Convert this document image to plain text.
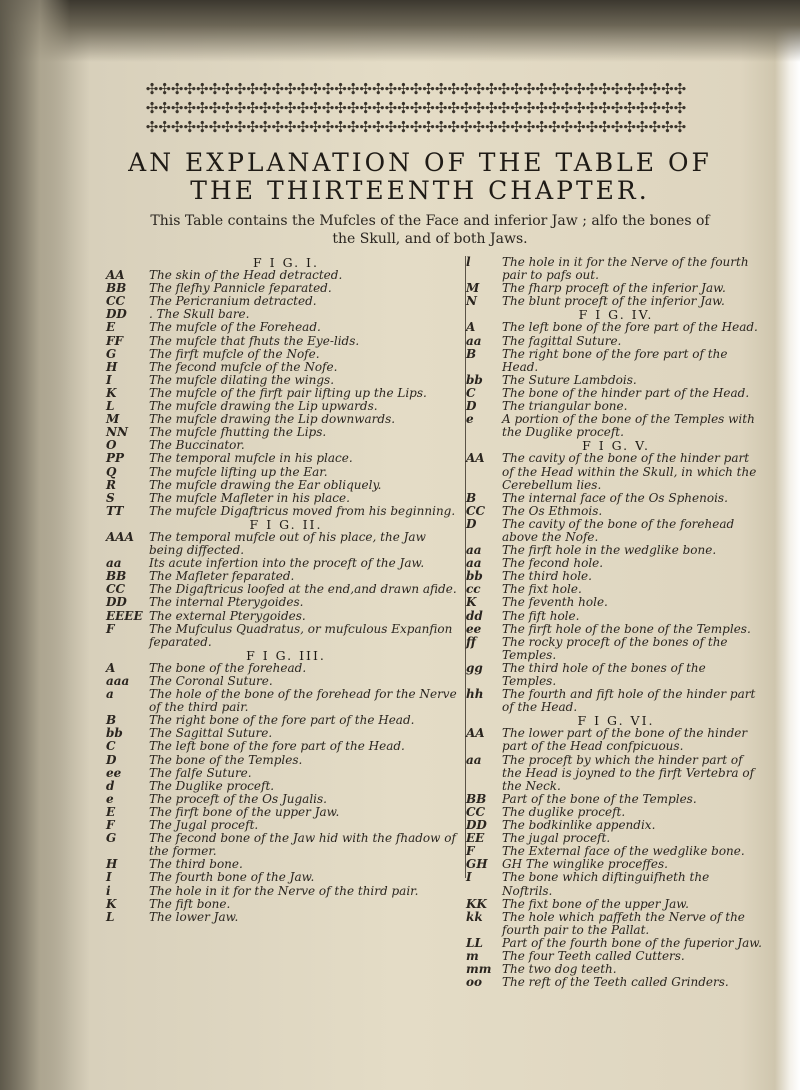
✣✣✣✣✣✣✣✣✣✣✣✣✣✣✣✣✣✣✣✣✣✣✣✣✣✣✣✣✣✣✣✣✣✣✣✣✣✣✣✣✣✣✣
✣✣✣✣✣✣✣✣✣✣✣✣✣✣✣✣✣✣✣✣✣✣✣✣✣✣✣✣✣✣✣✣✣✣✣✣✣✣✣✣✣✣✣
✣✣✣✣✣✣✣✣✣✣✣✣✣✣✣✣✣✣✣✣✣✣✣✣✣✣✣✣✣✣✣✣✣✣✣✣✣✣✣✣✣✣✣
AN EXPLANATION OF THE TABLE OF
THE THIRTEENTH CHAPTER.
This Table contains the Mufcles of the Face and inferior Jaw ; alfo the bones of the Skull, and of both Jaws.
F I G. I.
AA	The skin of the Head detracted.
BB	The flefhy Pannicle feparated.
CC	The Pericranium detracted.
DD	. The Skull bare.
E	The mufcle of the Forehead.
FF	The mufcle that fhuts the Eye-lids.
G	The firft mufcle of the Nofe.
H	The fecond mufcle of the Nofe.
I	The mufcle dilating the wings.
K	The mufcle of the firft pair lifting up the Lips.
L	The mufcle drawing the Lip upwards.
M	The mufcle drawing the Lip downwards.
NN	The mufcle fhutting the Lips.
O	The Buccinator.
PP	The temporal mufcle in his place.
Q	The mufcle lifting up the Ear.
R	The mufcle drawing the Ear obliquely.
S	The mufcle Mafleter in his place.
TT	The mufcle Digaftricus moved from his beginning.
F I G. II.
AAA	The temporal mufcle out of his place, the Jaw being diffected.
aa	Its acute infertion into the proceft of the Jaw.
BB	The Mafleter feparated.
CC	The Digaftricus loofed at the end,and drawn afide.
DD	The internal Pterygoides.
EEEE The external Pterygoides.
F	The Mufculus Quadratus, or mufculous Expanfion feparated.
F I G. III.
A	The bone of the forehead.
aaa	The Coronal Suture.
a	The hole of the bone of the forehead for the Nerve of the third pair.
B	The right bone of the fore part of the Head.
bb	The Sagittal Suture.
C	The left bone of the fore part of the Head.
D	The bone of the Temples.
ee	The falfe Suture.
d	The Duglike proceft.
e	The proceft of the Os Jugalis.
E	The firft bone of the upper Jaw.
F	The Jugal proceft.
G	The fecond bone of the Jaw hid with the fhadow of the former.
H	The third bone.
I	The fourth bone of the Jaw.
i	The hole in it for the Nerve of the third pair.
K	The fift bone.
L	The lower Jaw.
l	The hole in it for the Nerve of the fourth pair to pafs out.
M	The fharp proceft of the inferior Jaw.
N	The blunt proceft of the inferior Jaw.
F I G. IV.
A	The left bone of the fore part of the Head.
aa	The fagittal Suture.
B	The right bone of the fore part of the Head.
bb	The Suture Lambdois.
C	The bone of the hinder part of the Head.
D	The triangular bone.
e	A portion of the bone of the Temples with the Duglike proceft.
F I G. V.
AA	The cavity of the bone of the hinder part of the Head within the Skull, in which the Cerebellum lies.
B	The internal face of the Os Sphenois.
CC	The Os Ethmois.
D	The cavity of the bone of the forehead above the Nofe.
aa	The firft hole in the wedglike bone.
aa	The fecond hole.
bb	The third hole.
cc	The fixt hole.
K	The feventh hole.
dd	The fift hole.
ee	The firft hole of the bone of the Temples.
ff	The rocky proceft of the bones of the Temples.
gg	The third hole of the bones of the Temples.
hh	The fourth and fift hole of the hinder part of the Head.
F I G. VI.
AA	The lower part of the bone of the hinder part of the Head confpicuous.
aa	The proceft by which the hinder part of the Head is joyned to the firft Vertebra of the Neck.
BB	Part of the bone of the Temples.
CC	The duglike proceft.
DD	The bodkinlike appendix.
EE	The jugal proceft.
F	The External face of the wedglike bone.
GH	GH The winglike proceffes.
I	The bone which diftinguifheth the Noftrils.
KK	The fixt bone of the upper Jaw.
kk	The hole which paffeth the Nerve of the fourth pair to the Pallat.
LL	Part of the fourth bone of the fuperior Jaw.
m	The four Teeth called Cutters.
mm The two dog teeth.
oo	The reft of the Teeth called Grinders.
